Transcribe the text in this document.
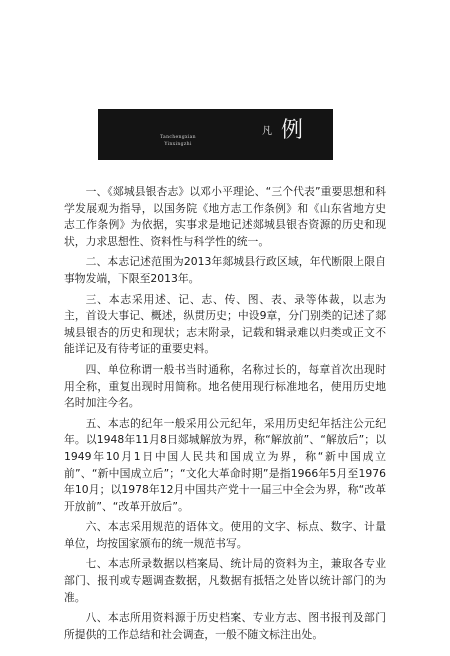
Tanchengxian
Yinxingzhi
凡 例

一、《郯城县银杏志》以邓小平理论、“三个代表”重要思想和科学发展观为指导，以国务院《地方志工作条例》和《山东省地方史志工作条例》为依据，实事求是地记述郯城县银杏资源的历史和现状，力求思想性、资料性与科学性的统一。

二、本志记述范围为2013年郯城县行政区域，年代断限上限自事物发端，下限至2013年。

三、本志采用述、记、志、传、图、表、录等体裁，以志为主，首设大事记、概述，纵贯历史；中设9章，分门别类的记述了郯城县银杏的历史和现状；志末附录，记载和辑录难以归类或正文不能详记及有待考证的重要史料。

四、单位称谓一般书当时通称，名称过长的，每章首次出现时用全称，重复出现时用简称。地名使用现行标准地名，使用历史地名时加注今名。

五、本志的纪年一般采用公元纪年，采用历史纪年括注公元纪年。以1948年11月8日郯城解放为界，称“解放前”、“解放后”；以1949年10月1日中国人民共和国成立为界，称“新中国成立前”、“新中国成立后”；“文化大革命时期”是指1966年5月至1976年10月；以1978年12月中国共产党十一届三中全会为界，称“改革开放前”、“改革开放后”。

六、本志采用规范的语体文。使用的文字、标点、数字、计量单位，均按国家颁布的统一规范书写。

七、本志所录数据以档案局、统计局的资料为主，兼取各专业部门、报刊或专题调查数据，凡数据有抵牾之处皆以统计部门的为准。

八、本志所用资料源于历史档案、专业方志、图书报刊及部门所提供的工作总结和社会调查，一般不随文标注出处。
